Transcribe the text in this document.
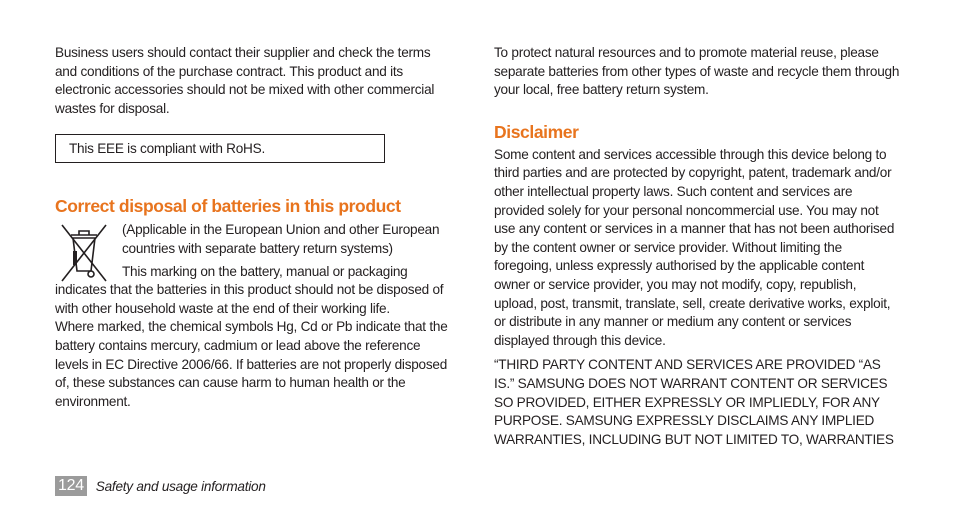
Business users should contact their supplier and check the terms and conditions of the purchase contract. This product and its electronic accessories should not be mixed with other commercial wastes for disposal.

This EEE is compliant with RoHS.
Correct disposal of batteries in this product

(Applicable in the European Union and other European countries with separate battery return systems)

This marking on the battery, manual or packaging indicates that the batteries in this product should not be disposed of with other household waste at the end of their working life.

Where marked, the chemical symbols Hg, Cd or Pb indicate that the battery contains mercury, cadmium or lead above the reference levels in EC Directive 2006/66. If batteries are not properly disposed of, these substances can cause harm to human health or the environment.

To protect natural resources and to promote material reuse, please separate batteries from other types of waste and recycle them through your local, free battery return system.

Disclaimer

Some content and services accessible through this device belong to third parties and are protected by copyright, patent, trademark and/or other intellectual property laws. Such content and services are provided solely for your personal noncommercial use. You may not use any content or services in a manner that has not been authorised by the content owner or service provider. Without limiting the foregoing, unless expressly authorised by the applicable content owner or service provider, you may not modify, copy, republish, upload, post, transmit, translate, sell, create derivative works, exploit, or distribute in any manner or medium any content or services displayed through this device.

“THIRD PARTY CONTENT AND SERVICES ARE PROVIDED “AS IS.” SAMSUNG DOES NOT WARRANT CONTENT OR SERVICES SO PROVIDED, EITHER EXPRESSLY OR IMPLIEDLY, FOR ANY PURPOSE. SAMSUNG EXPRESSLY DISCLAIMS ANY IMPLIED WARRANTIES, INCLUDING BUT NOT LIMITED TO, WARRANTIES

124 Safety and usage information
